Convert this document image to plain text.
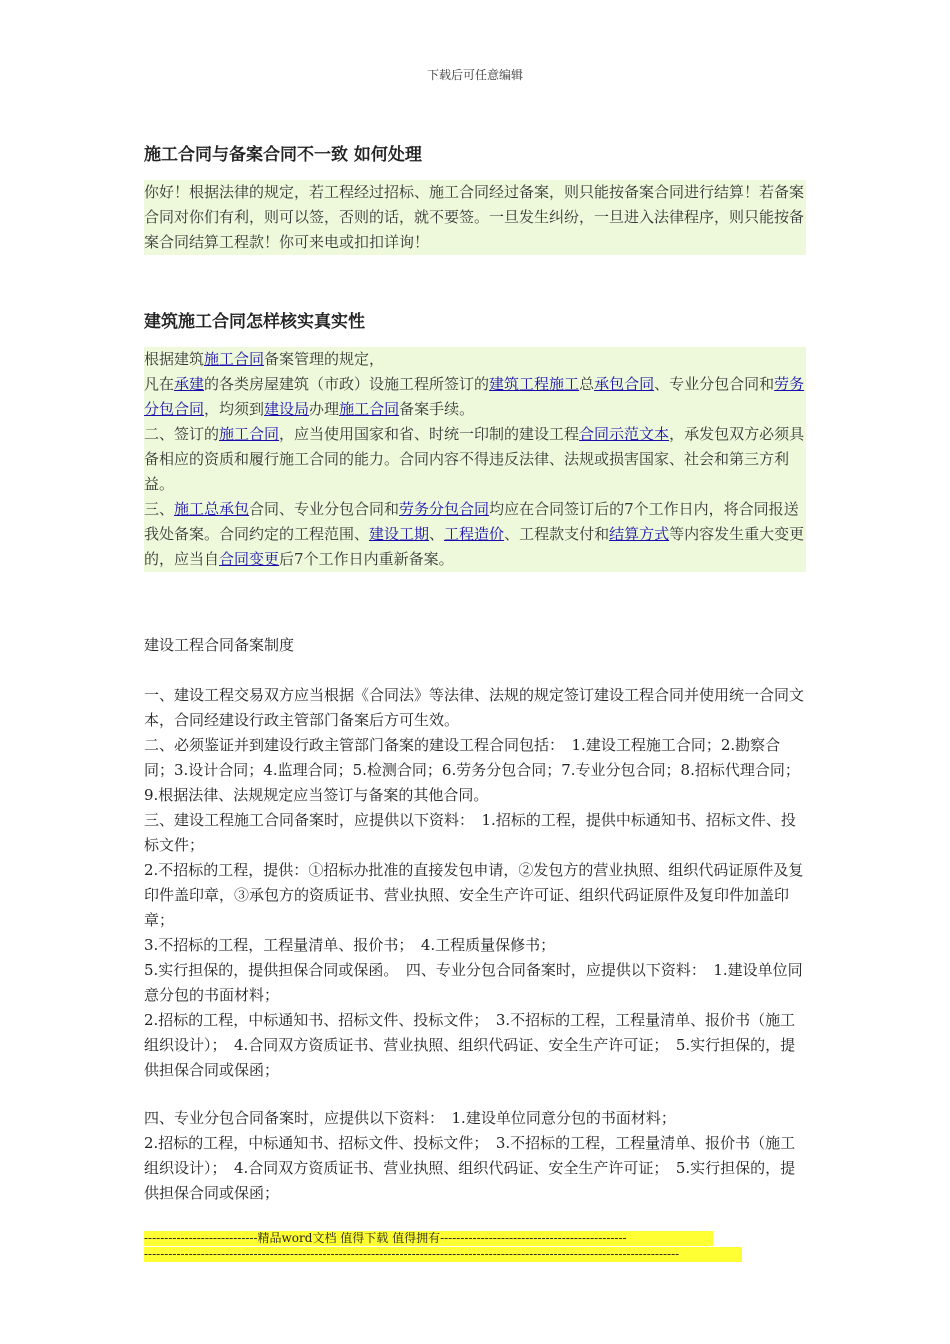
下载后可任意编辑
施工合同与备案合同不一致 如何处理

你好！根据法律的规定，若工程经过招标、施工合同经过备案，则只能按备案合同进行结算！若备案合同对你们有利，则可以签，否则的话，就不要签。一旦发生纠纷，一旦进入法律程序，则只能按备案合同结算工程款！你可来电或扣扣详询！

建筑施工合同怎样核实真实性

根据建筑施工合同备案管理的规定，

凡在承建的各类房屋建筑（市政）设施工程所签订的建筑工程施工总承包合同、专业分包合同和劳务分包合同，均须到建设局办理施工合同备案手续。

二、签订的施工合同，应当使用国家和省、时统一印制的建设工程合同示范文本，承发包双方必须具备相应的资质和履行施工合同的能力。合同内容不得违反法律、法规或损害国家、社会和第三方利益。

三、施工总承包合同、专业分包合同和劳务分包合同均应在合同签订后的7个工作日内，将合同报送我处备案。合同约定的工程范围、建设工期、工程造价、工程款支付和结算方式等内容发生重大变更的，应当自合同变更后7个工作日内重新备案。

建设工程合同备案制度

一、建设工程交易双方应当根据《合同法》等法律、法规的规定签订建设工程合同并使用统一合同文本，合同经建设行政主管部门备案后方可生效。

二、必须鉴证并到建设行政主管部门备案的建设工程合同包括：　1.建设工程施工合同；2.勘察合同；3.设计合同；4.监理合同；5.检测合同；6.劳务分包合同；7.专业分包合同；8.招标代理合同；9.根据法律、法规规定应当签订与备案的其他合同。

三、建设工程施工合同备案时，应提供以下资料：　1.招标的工程，提供中标通知书、招标文件、投标文件；

2.不招标的工程，提供：①招标办批准的直接发包申请，②发包方的营业执照、组织代码证原件及复印件盖印章，③承包方的资质证书、营业执照、安全生产许可证、组织代码证原件及复印件加盖印章；

3.不招标的工程，工程量清单、报价书；　4.工程质量保修书；

5.实行担保的，提供担保合同或保函。　四、专业分包合同备案时，应提供以下资料：　1.建设单位同意分包的书面材料；

2.招标的工程，中标通知书、招标文件、投标文件；　3.不招标的工程，工程量清单、报价书（施工组织设计）；　4.合同双方资质证书、营业执照、组织代码证、安全生产许可证；　5.实行担保的，提供担保合同或保函；

四、专业分包合同备案时，应提供以下资料：　1.建设单位同意分包的书面材料；

2.招标的工程，中标通知书、招标文件、投标文件；　3.不招标的工程，工程量清单、报价书（施工组织设计）；　4.合同双方资质证书、营业执照、组织代码证、安全生产许可证；　5.实行担保的，提供担保合同或保函；

----------------------------精品word文档 值得下载 值得拥有----------------------------------------------
------------------------------------------------------------------------------------------------------------------------------------
